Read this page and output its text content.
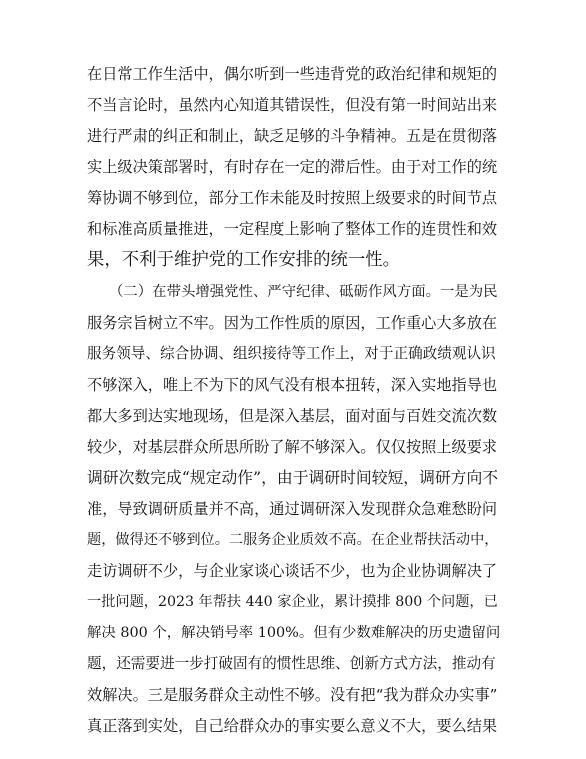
在日常工作生活中，偶尔听到一些违背党的政治纪律和规矩的
不当言论时，虽然内心知道其错误性，但没有第一时间站出来
进行严肃的纠正和制止，缺乏足够的斗争精神。五是在贯彻落
实上级决策部署时，有时存在一定的滞后性。由于对工作的统
筹协调不够到位，部分工作未能及时按照上级要求的时间节点
和标准高质量推进，一定程度上影响了整体工作的连贯性和效
果，不利于维护党的工作安排的统一性。
（二）在带头增强党性、严守纪律、砥砺作风方面。一是为民
服务宗旨树立不牢。因为工作性质的原因，工作重心大多放在
服务领导、综合协调、组织接待等工作上，对于正确政绩观认识
不够深入，唯上不为下的风气没有根本扭转，深入实地指导也
都大多到达实地现场，但是深入基层，面对面与百姓交流次数
较少，对基层群众所思所盼了解不够深入。仅仅按照上级要求
调研次数完成“规定动作”，由于调研时间较短，调研方向不
准，导致调研质量并不高，通过调研深入发现群众急难愁盼问
题，做得还不够到位。二服务企业质效不高。在企业帮扶活动中，
走访调研不少，与企业家谈心谈话不少，也为企业协调解决了
一批问题，2023 年帮扶 440 家企业，累计摸排 800 个问题，已
解决 800 个，解决销号率 100%。但有少数难解决的历史遗留问
题，还需要进一步打破固有的惯性思维、创新方式方法，推动有
效解决。三是服务群众主动性不够。没有把“我为群众办实事”
真正落到实处，自己给群众办的事实要么意义不大，要么结果
